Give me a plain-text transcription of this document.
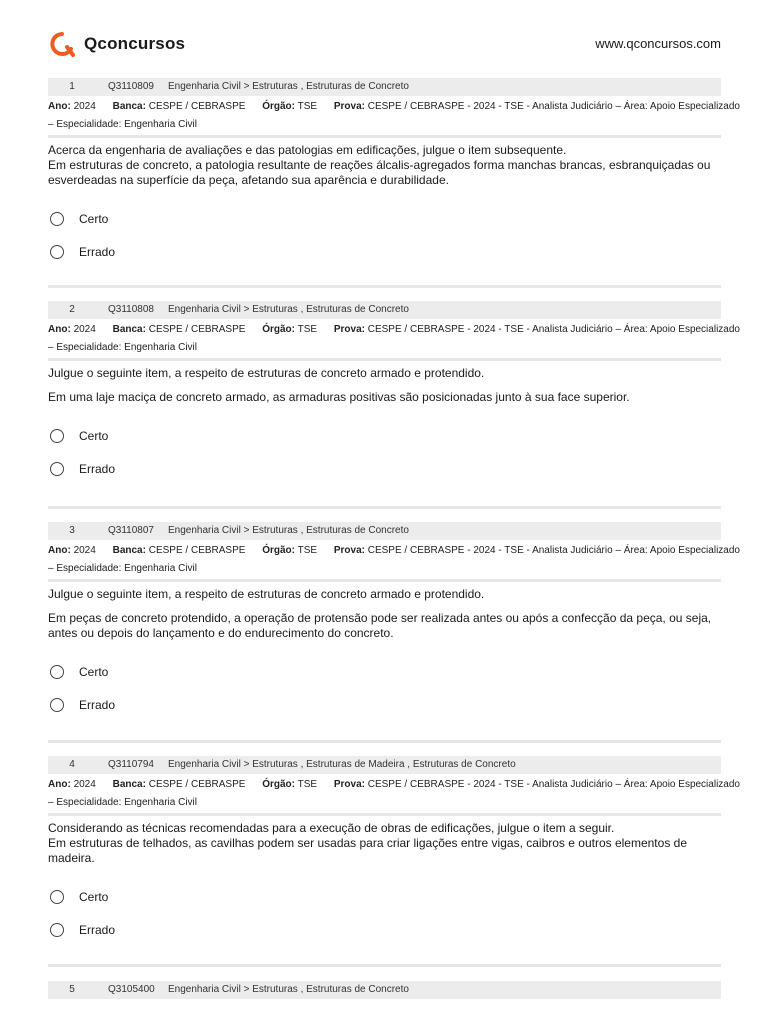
Qconcursos	www.qconcursos.com
1	Q3110809 Engenharia Civil > Estruturas , Estruturas de Concreto
Ano: 2024 Banca: CESPE / CEBRASPE Órgão: TSE Prova: CESPE / CEBRASPE - 2024 - TSE - Analista Judiciário – Área: Apoio Especializado
– Especialidade: Engenharia Civil

Acerca da engenharia de avaliações e das patologias em edificações, julgue o item subsequente.

Em estruturas de concreto, a patologia resultante de reações álcalis-agregados forma manchas brancas, esbranquiçadas ou esverdeadas na superfície da peça, afetando sua aparência e durabilidade.

Certo
Errado
2	Q3110808 Engenharia Civil > Estruturas , Estruturas de Concreto
Ano: 2024 Banca: CESPE / CEBRASPE Órgão: TSE Prova: CESPE / CEBRASPE - 2024 - TSE - Analista Judiciário – Área: Apoio Especializado
– Especialidade: Engenharia Civil

Julgue o seguinte item, a respeito de estruturas de concreto armado e protendido.

Em uma laje maciça de concreto armado, as armaduras positivas são posicionadas junto à sua face superior.

Certo
Errado
3	Q3110807 Engenharia Civil > Estruturas , Estruturas de Concreto
Ano: 2024 Banca: CESPE / CEBRASPE Órgão: TSE Prova: CESPE / CEBRASPE - 2024 - TSE - Analista Judiciário – Área: Apoio Especializado
– Especialidade: Engenharia Civil

Julgue o seguinte item, a respeito de estruturas de concreto armado e protendido.

Em peças de concreto protendido, a operação de protensão pode ser realizada antes ou após a confecção da peça, ou seja, antes ou depois do lançamento e do endurecimento do concreto.

Certo
Errado
4	Q3110794 Engenharia Civil > Estruturas , Estruturas de Madeira , Estruturas de Concreto
Ano: 2024 Banca: CESPE / CEBRASPE Órgão: TSE Prova: CESPE / CEBRASPE - 2024 - TSE - Analista Judiciário – Área: Apoio Especializado
– Especialidade: Engenharia Civil

Considerando as técnicas recomendadas para a execução de obras de edificações, julgue o item a seguir.

Em estruturas de telhados, as cavilhas podem ser usadas para criar ligações entre vigas, caibros e outros elementos de madeira.

Certo
Errado
5	Q3105400 Engenharia Civil > Estruturas , Estruturas de Concreto
